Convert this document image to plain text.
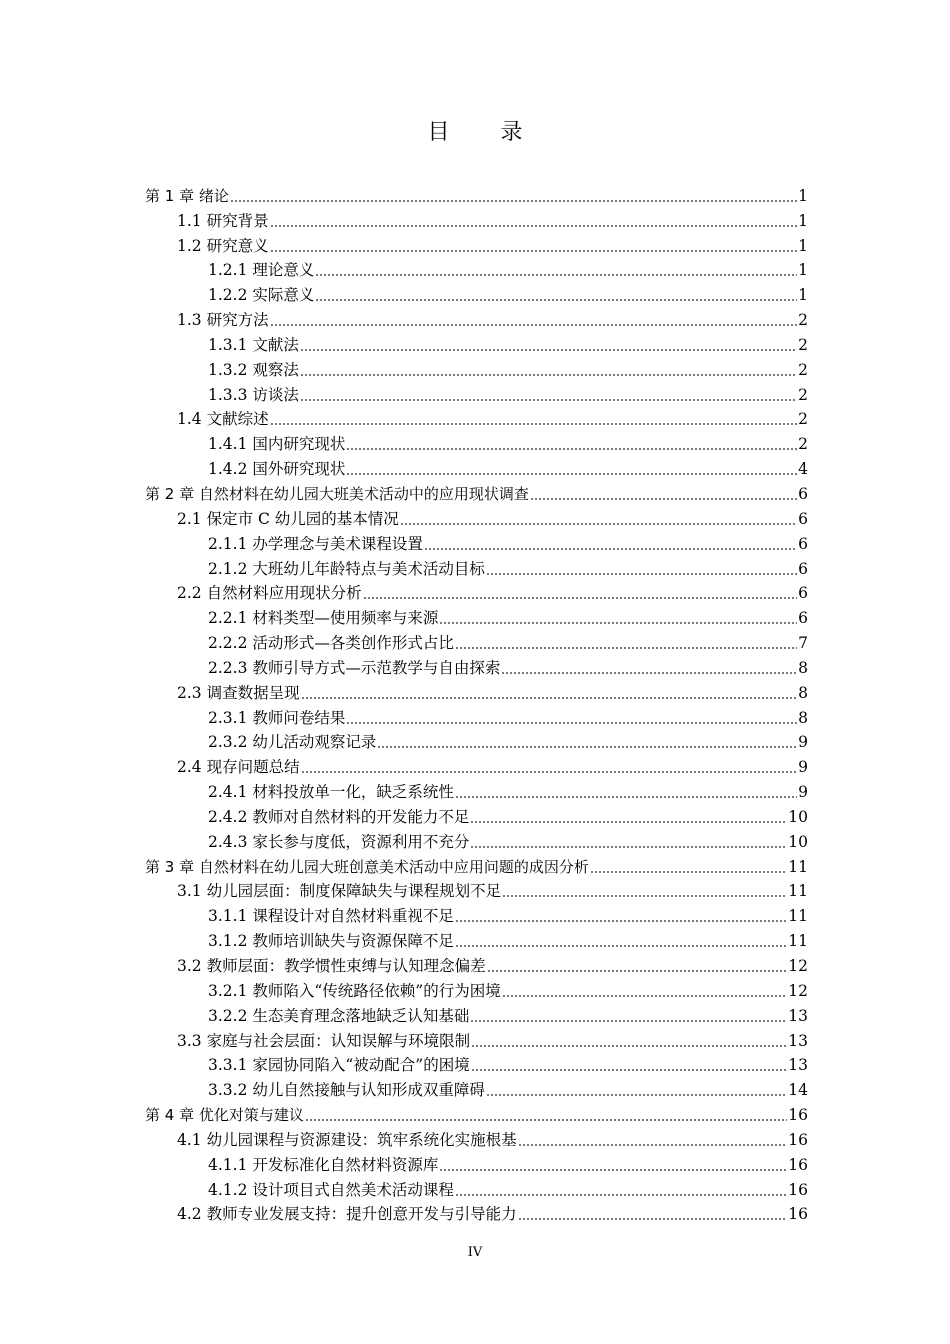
目 录
第 1 章 绪论	1
1.1 研究背景	1
1.2 研究意义	1
1.2.1 理论意义	1
1.2.2 实际意义	1
1.3 研究方法	2
1.3.1 文献法	2
1.3.2 观察法	2
1.3.3 访谈法	2
1.4 文献综述	2
1.4.1 国内研究现状	2
1.4.2 国外研究现状	4
第 2 章 自然材料在幼儿园大班美术活动中的应用现状调查	6
2.1 保定市 C 幼儿园的基本情况	6
2.1.1 办学理念与美术课程设置	6
2.1.2 大班幼儿年龄特点与美术活动目标	6
2.2 自然材料应用现状分析	6
2.2.1 材料类型—使用频率与来源	6
2.2.2 活动形式—各类创作形式占比	7
2.2.3 教师引导方式—示范教学与自由探索	8
2.3 调查数据呈现	8
2.3.1 教师问卷结果	8
2.3.2 幼儿活动观察记录	9
2.4 现存问题总结	9
2.4.1 材料投放单一化，缺乏系统性	9
2.4.2 教师对自然材料的开发能力不足	10
2.4.3 家长参与度低，资源利用不充分	10
第 3 章 自然材料在幼儿园大班创意美术活动中应用问题的成因分析	11
3.1 幼儿园层面：制度保障缺失与课程规划不足	11
3.1.1 课程设计对自然材料重视不足	11
3.1.2 教师培训缺失与资源保障不足	11
3.2 教师层面：教学惯性束缚与认知理念偏差	12
3.2.1 教师陷入“传统路径依赖”的行为困境	12
3.2.2 生态美育理念落地缺乏认知基础	13
3.3 家庭与社会层面：认知误解与环境限制	13
3.3.1 家园协同陷入“被动配合”的困境	13
3.3.2 幼儿自然接触与认知形成双重障碍	14
第 4 章 优化对策与建议	16
4.1 幼儿园课程与资源建设：筑牢系统化实施根基	16
4.1.1 开发标准化自然材料资源库	16
4.1.2 设计项目式自然美术活动课程	16
4.2 教师专业发展支持：提升创意开发与引导能力	16
IV
